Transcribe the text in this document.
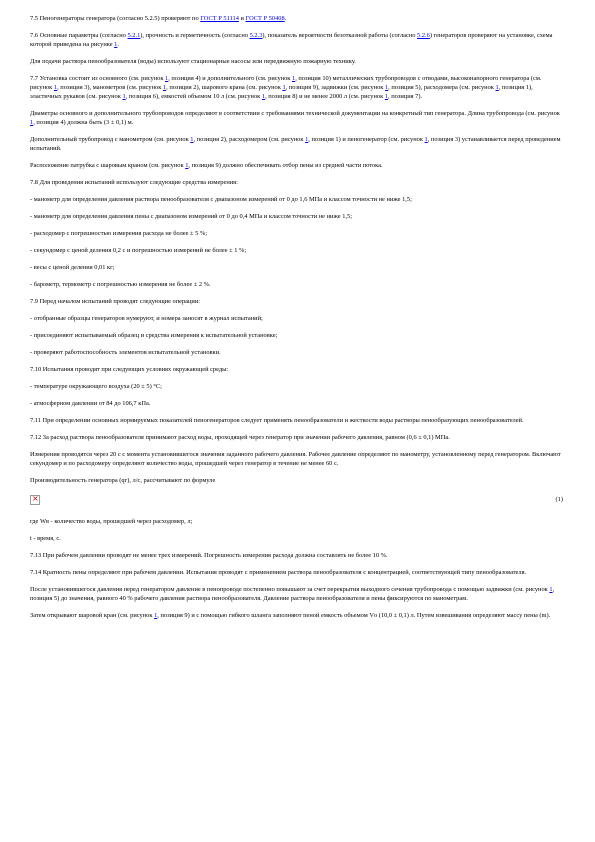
7.5 Пеногенераторы генератора (согласно 5.2.5) проверяют по ГОСТ Р 51114 и ГОСТ Р 50408.

7.6 Основные параметры (согласно 5.2.1), прочность и герметичность (согласно 5.2.3), показатель вероятности безотказной работы (согласно 5.2.6) генераторов проверяют на установке, схема которой приведена на рисунке 1.

Для подачи раствора пенообразователя (воды) используют стационарные насосы или передвижную пожарную технику.

7.7 Установка состоит из основного (см. рисунок 1, позиция 4) и дополнительного (см. рисунок 1, позиция 10) металлических трубопроводов с отводами, высоконапорного генератора (см. рисунок 1, позиция 3), манометров (см. рисунок 1, позиция 2), шарового крана (см. рисунок 1, позиция 9), задвижки (см. рисунок 1, позиция 5), расходомера (см. рисунок 1, позиция 1), эластичных рукавов (см. рисунок 1, позиция 6), емкостей объемом 10 л (см. рисунок 1, позиция 8) и не менее 2000 л (см. рисунок 1, позиция 7).

Диаметры основного и дополнительного трубопроводов определяют в соответствии с требованиями технической документации на конкретный тип генератора. Длина трубопровода (см. рисунок 1, позиция 4) должна быть (3 ± 0,1) м.

Дополнительный трубопровод с манометром (см. рисунок 1, позиция 2), расходомером (см. рисунок 1, позиция 1) и пеногенератор (см. рисунок 1, позиция 3) устанавливается перед проведением испытаний.

Расположение патрубка с шаровым краном (см. рисунок 1, позиция 9) должно обеспечивать отбор пены из средней части потока.

7.8 Для проведения испытаний используют следующие средства измерения:

- манометр для определения давления раствора пенообразователя с диапазоном измерений от 0 до 1,6 МПа и классом точности не ниже 1,5;

- манометр для определения давления пены с диапазоном измерений от 0 до 0,4 МПа и классом точности не ниже 1,5;

- расходомер с погрешностью измерения расхода не более ± 5 %;

- секундомер с ценой деления 0,2 с и погрешностью измерений не более ± 1 %;

- весы с ценой деления 0,01 кг;

- барометр, термометр с погрешностью измерения не более ± 2 %.

7.9 Перед началом испытаний проводят следующие операции:

- отобранные образцы генераторов нумеруют, и номера заносят в журнал испытаний;

- присоединяют испытываемый образец и средства измерения к испытательной установке;

- проверяют работоспособность элементов испытательной установки.

7.10 Испытания проводят при следующих условиях окружающей среды:

- температуре окружающего воздуха (20 ± 5) °С;

- атмосферном давлении от 84 до 106,7 кПа.

7.11 При определении основных нормируемых показателей пеногенераторов следует применять пенообразователи и жесткости воды растворы пенообразующих пенообразователей.

7.12 За расход раствора пенообразователя принимают расход воды, проходящей через генератор при значении рабочего давления, равном (0,6 ± 0,1) МПа.

Измерения проводятся через 20 с с момента установившегося значения заданного рабочего давления. Рабочее давление определяют по манометру, установленному перед генератором. Включают секундомер и по расходомеру определяют количество воды, прошедшей через генератор в течение не менее 60 с.

Производительность генератора (qг), л/с, рассчитывают по формуле

×
(1)

где Wв - количество воды, прошедшей через расходомер, л;

t - время, с.

7.13 При рабочем давлении проводят не менее трех измерений. Погрешность измерения расхода должна составлять не более 10 %.

7.14 Кратность пены определяют при рабочем давлении. Испытания проводят с применением раствора пенообразователя с концентрацией, соответствующей типу пенообразователя.

После установившегося давления перед генератором давление в пенопроводе постепенно повышают за счет перекрытия выходного сечения трубопровода с помощью задвижки (см. рисунок 1, позиция 5) до значения, равного 40 % рабочего давления раствора пенообразователя. Давление раствора пенообразователя и пены фиксируются по манометрам.

Затем открывают шаровой кран (см. рисунок 1, позиция 9) и с помощью гибкого шланга заполняют пеной емкость объемом Vо (10,0 ± 0,1) л. Путем взвешивания определяют массу пены (m).
